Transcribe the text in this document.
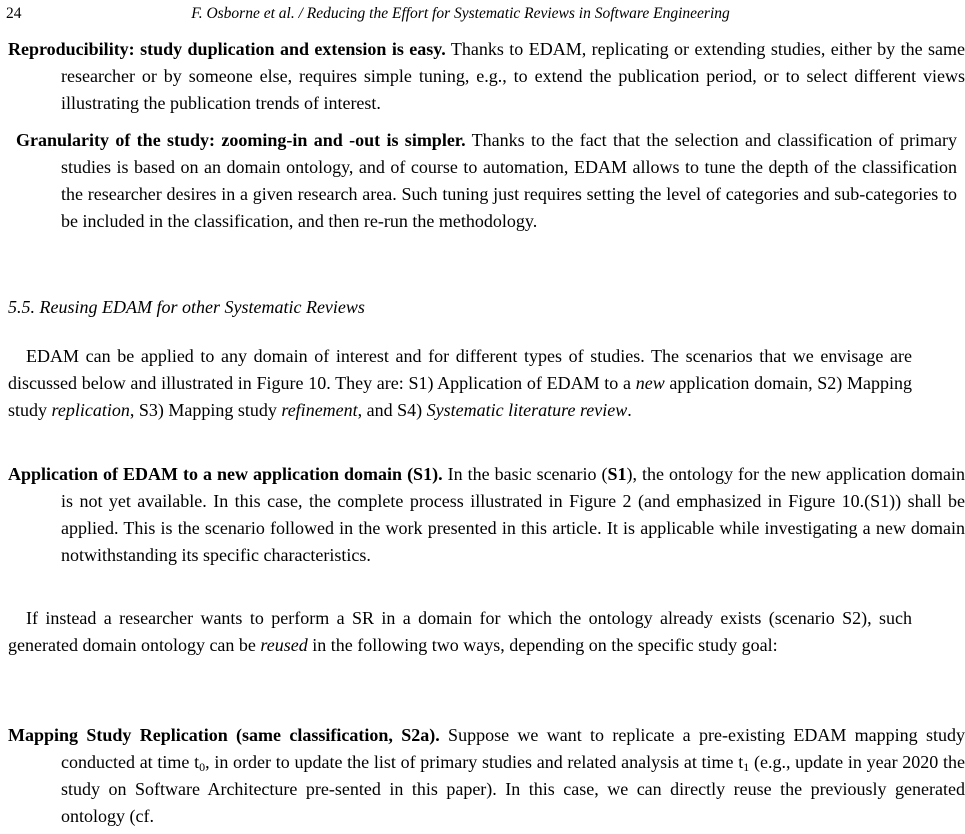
24	F. Osborne et al. / Reducing the Effort for Systematic Reviews in Software Engineering

Reproducibility: study duplication and extension is easy. Thanks to EDAM, replicating or extending studies, either by the same researcher or by someone else, requires simple tuning, e.g., to extend the publication period, or to select different views illustrating the publication trends of interest.

Granularity of the study: zooming-in and -out is simpler. Thanks to the fact that the selection and classification of primary studies is based on an domain ontology, and of course to automation, EDAM allows to tune the depth of the classification the researcher desires in a given research area. Such tuning just requires setting the level of categories and sub-categories to be included in the classification, and then re-run the methodology.

5.5. Reusing EDAM for other Systematic Reviews

EDAM can be applied to any domain of interest and for different types of studies. The scenarios that we envisage are discussed below and illustrated in Figure 10. They are: S1) Application of EDAM to a new application domain, S2) Mapping study replication, S3) Mapping study refinement, and S4) Systematic literature review.

Application of EDAM to a new application domain (S1). In the basic scenario (S1), the ontology for the new application domain is not yet available. In this case, the complete process illustrated in Figure 2 (and emphasized in Figure 10.(S1)) shall be applied. This is the scenario followed in the work presented in this article. It is applicable while investigating a new domain notwithstanding its specific characteristics.

If instead a researcher wants to perform a SR in a domain for which the ontology already exists (scenario S2), such generated domain ontology can be reused in the following two ways, depending on the specific study goal:

Mapping Study Replication (same classification, S2a). Suppose we want to replicate a pre-existing EDAM mapping study conducted at time $t_0$, in order to update the list of primary studies and related analysis at time $t_1$ (e.g., update in year 2020 the study on Software Architecture pre-sented in this paper). In this case, we can directly reuse the previously generated ontology (cf.
